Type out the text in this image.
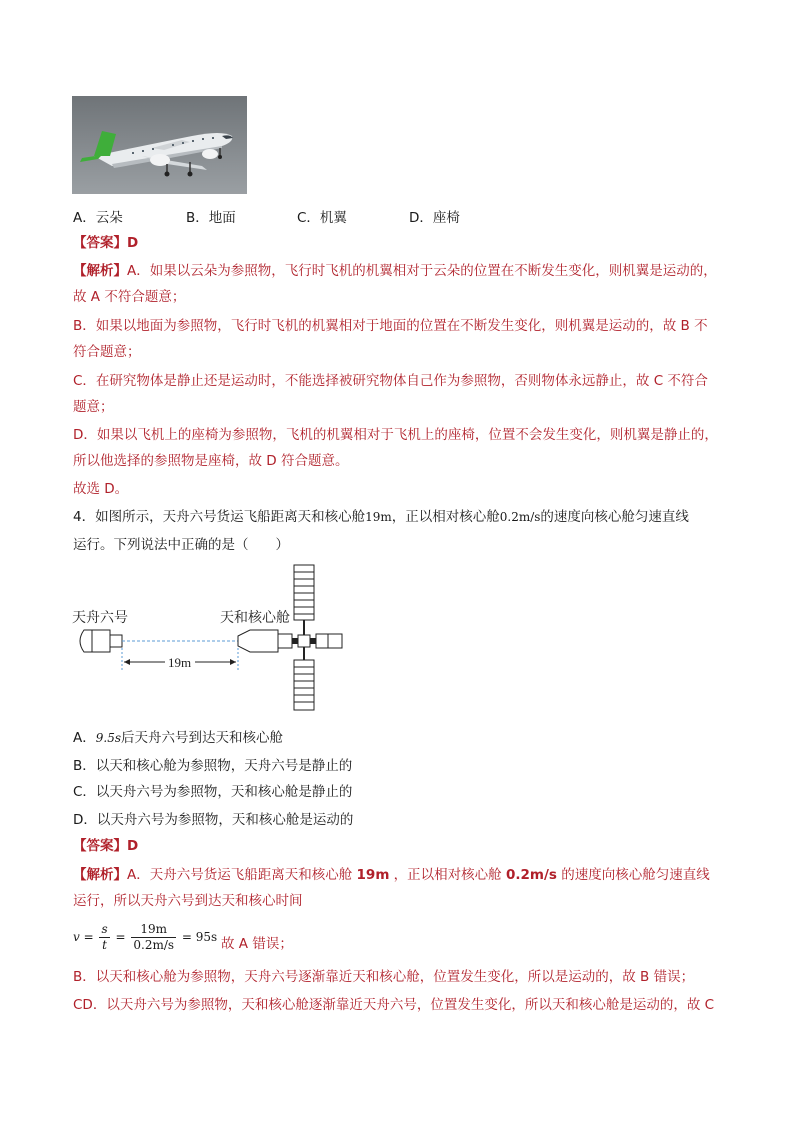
A．云朵	B．地面	C．机翼	D．座椅
【答案】D
【解析】A．如果以云朵为参照物，飞行时飞机的机翼相对于云朵的位置在不断发生变化，则机翼是运动的，
故 A 不符合题意；
B．如果以地面为参照物，飞行时飞机的机翼相对于地面的位置在不断发生变化，则机翼是运动的，故 B 不
符合题意；
C．在研究物体是静止还是运动时，不能选择被研究物体自己作为参照物，否则物体永远静止，故 C 不符合
题意；
D．如果以飞机上的座椅为参照物，飞机的机翼相对于飞机上的座椅，位置不会发生变化，则机翼是静止的，
所以他选择的参照物是座椅，故 D 符合题意。
故选 D。
4．如图所示，天舟六号货运飞船距离天和核心舱19m，正以相对核心舱0.2m/s的速度向核心舱匀速直线
运行。下列说法中正确的是（　　）
天舟六号	天和核心舱
19m
A．9.5s后天舟六号到达天和核心舱
B．以天和核心舱为参照物，天舟六号是静止的
C．以天舟六号为参照物，天和核心舱是静止的
D．以天舟六号为参照物，天和核心舱是运动的
【答案】D
【解析】A．天舟六号货运飞船距离天和核心舱 19m ，正以相对核心舱 0.2m/s 的速度向核心舱匀速直线
运行，所以天舟六号到达天和核心时间
$v = \frac{s}{t} = \frac{19m}{0.2m/s} = 95s$ 故 A 错误；
B．以天和核心舱为参照物，天舟六号逐渐靠近天和核心舱，位置发生变化，所以是运动的，故 B 错误；
CD．以天舟六号为参照物，天和核心舱逐渐靠近天舟六号，位置发生变化，所以天和核心舱是运动的，故 C
